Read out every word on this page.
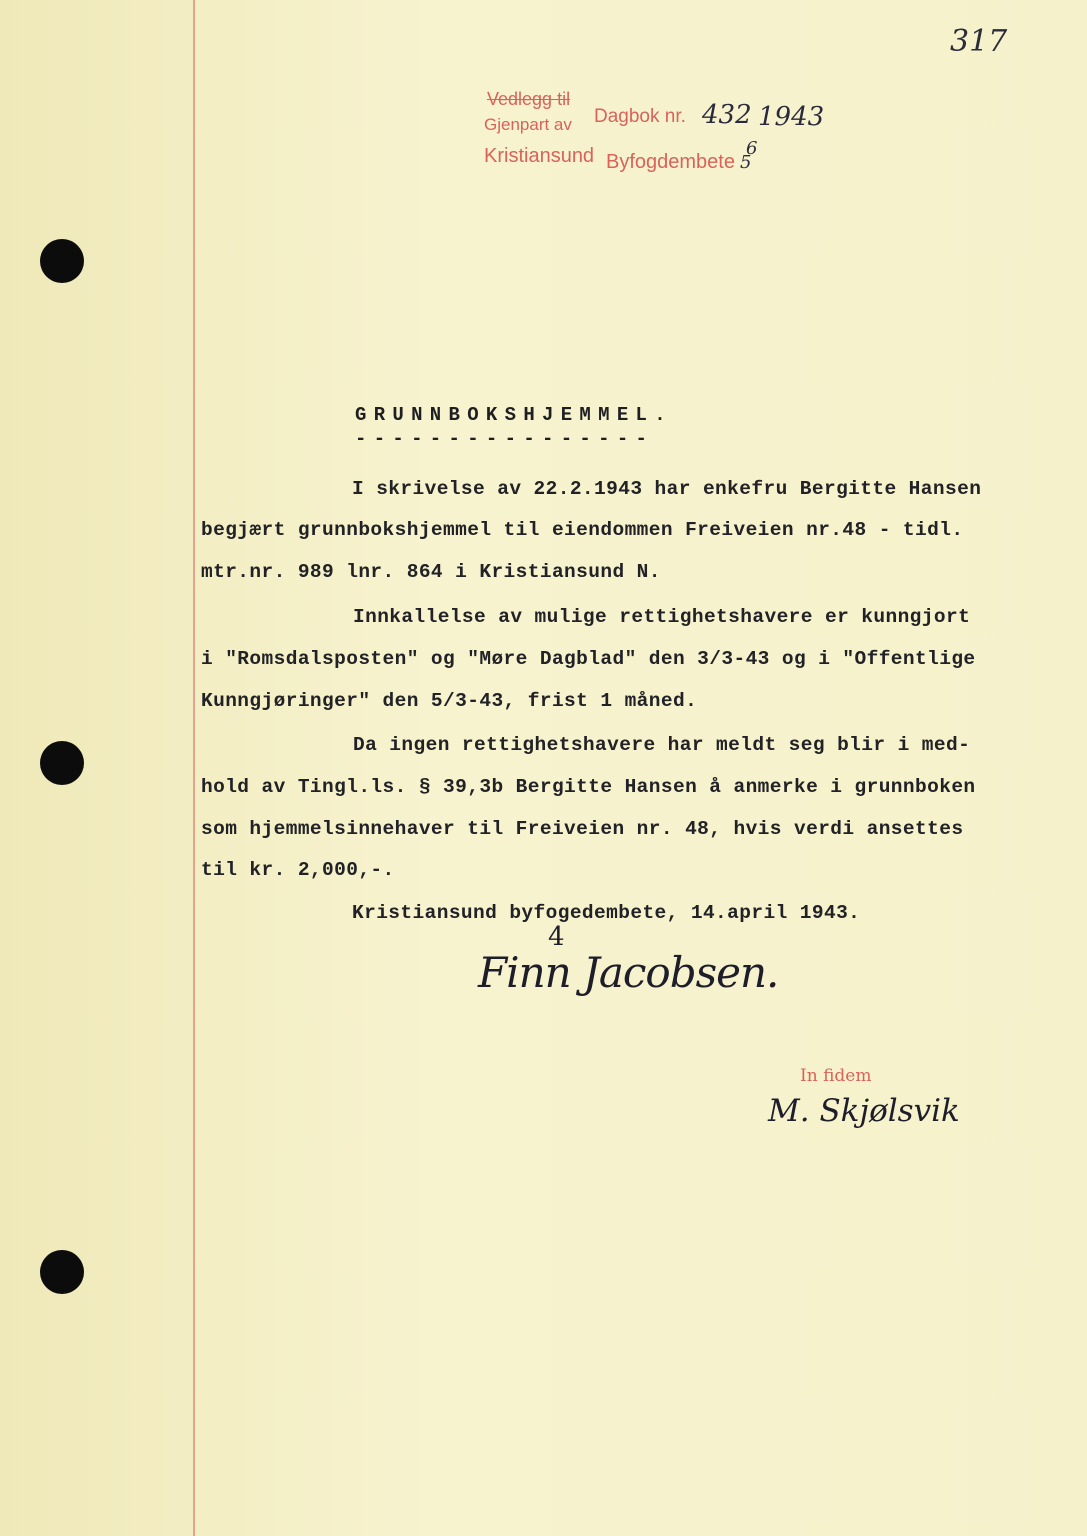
317
Vedlegg til
Gjenpart av Dagbok nr.
Kristiansund Byfogdembete
432 1943
6
5
GRUNNBOKSHJEMMEL.
----------------
I skrivelse av 22.2.1943 har enkefru Bergitte Hansen
begjært grunnbokshjemmel til eiendommen Freiveien nr.48 - tidl.
mtr.nr. 989 lnr. 864 i Kristiansund N.
Innkallelse av mulige rettighetshavere er kunngjort
i "Romsdalsposten" og "Møre Dagblad" den 3/3-43 og i "Offentlige
Kunngjøringer" den 5/3-43, frist 1 måned.
Da ingen rettighetshavere har meldt seg blir i med-
hold av Tingl.ls. § 39,3b Bergitte Hansen å anmerke i grunnboken
som hjemmelsinnehaver til Freiveien nr. 48, hvis verdi ansettes
til kr. 2,000,-.
Kristiansund byfogedembete, 14.april 1943.
4
Finn Jacobsen.
In fidem
M. Skjølsvik
